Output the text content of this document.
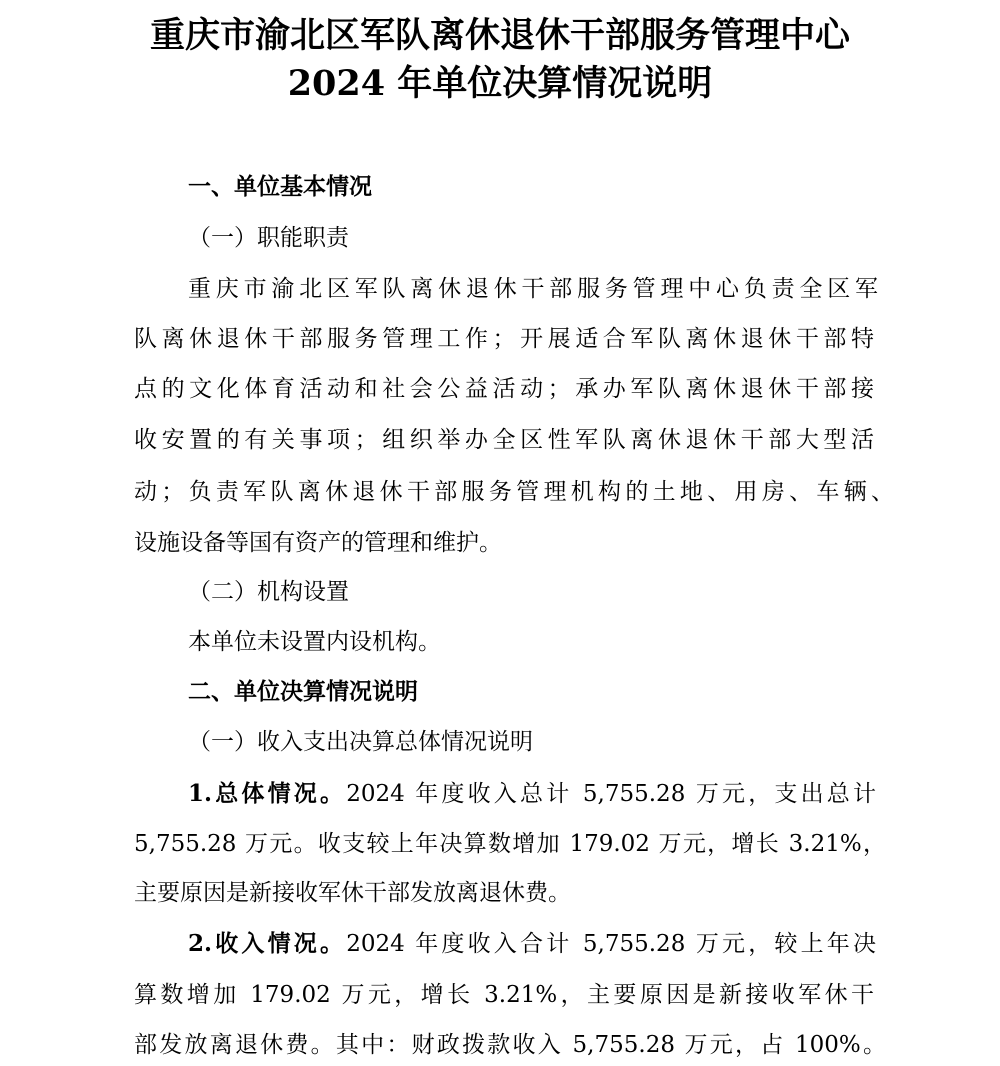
重庆市渝北区军队离休退休干部服务管理中心
2024 年单位决算情况说明

一、单位基本情况

（一）职能职责

重庆市渝北区军队离休退休干部服务管理中心负责全区军

队离休退休干部服务管理工作；开展适合军队离休退休干部特

点的文化体育活动和社会公益活动；承办军队离休退休干部接

收安置的有关事项；组织举办全区性军队离休退休干部大型活

动；负责军队离休退休干部服务管理机构的土地、用房、车辆、

设施设备等国有资产的管理和维护。

（二）机构设置

本单位未设置内设机构。

二、单位决算情况说明

（一）收入支出决算总体情况说明

1.总体情况。2024 年度收入总计 5,755.28 万元，支出总计

5,755.28 万元。收支较上年决算数增加 179.02 万元，增长 3.21%，

主要原因是新接收军休干部发放离退休费。

2.收入情况。2024 年度收入合计 5,755.28 万元，较上年决

算数增加 179.02 万元，增长 3.21%，主要原因是新接收军休干

部发放离退休费。其中：财政拨款收入 5,755.28 万元，占 100%。
